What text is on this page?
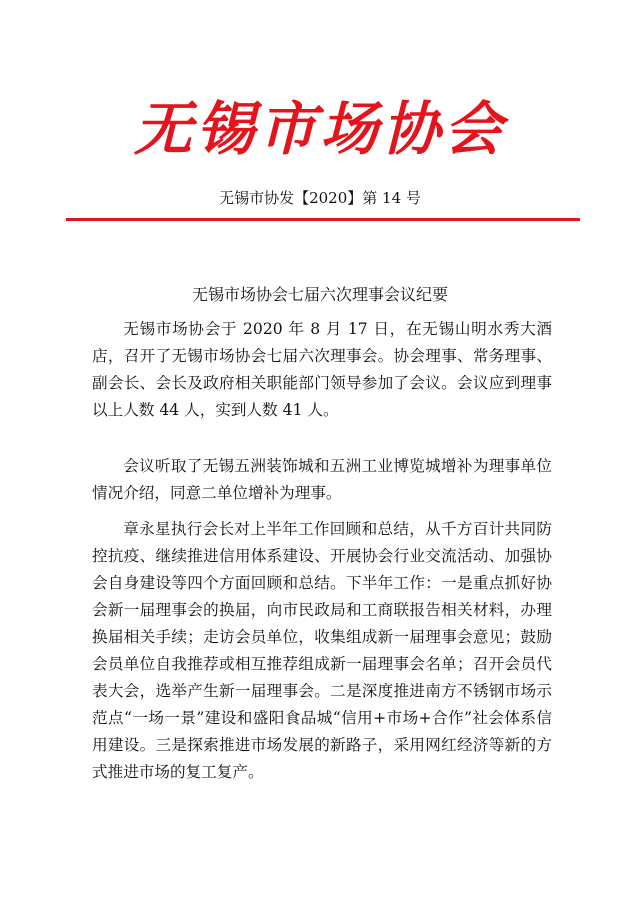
无锡市场协会
无锡市协发【2020】第 14 号
无锡市场协会七届六次理事会议纪要

无锡市场协会于 2020 年 8 月 17 日，在无锡山明水秀大酒店，召开了无锡市场协会七届六次理事会。协会理事、常务理事、副会长、会长及政府相关职能部门领导参加了会议。会议应到理事以上人数 44 人，实到人数 41 人。

会议听取了无锡五洲装饰城和五洲工业博览城增补为理事单位情况介绍，同意二单位增补为理事。

章永星执行会长对上半年工作回顾和总结，从千方百计共同防控抗疫、继续推进信用体系建设、开展协会行业交流活动、加强协会自身建设等四个方面回顾和总结。下半年工作：一是重点抓好协会新一届理事会的换届，向市民政局和工商联报告相关材料，办理换届相关手续；走访会员单位，收集组成新一届理事会意见；鼓励会员单位自我推荐或相互推荐组成新一届理事会名单；召开会员代表大会，选举产生新一届理事会。二是深度推进南方不锈钢市场示范点“一场一景”建设和盛阳食品城“信用+市场+合作”社会体系信用建设。三是探索推进市场发展的新路子，采用网红经济等新的方式推进市场的复工复产。
